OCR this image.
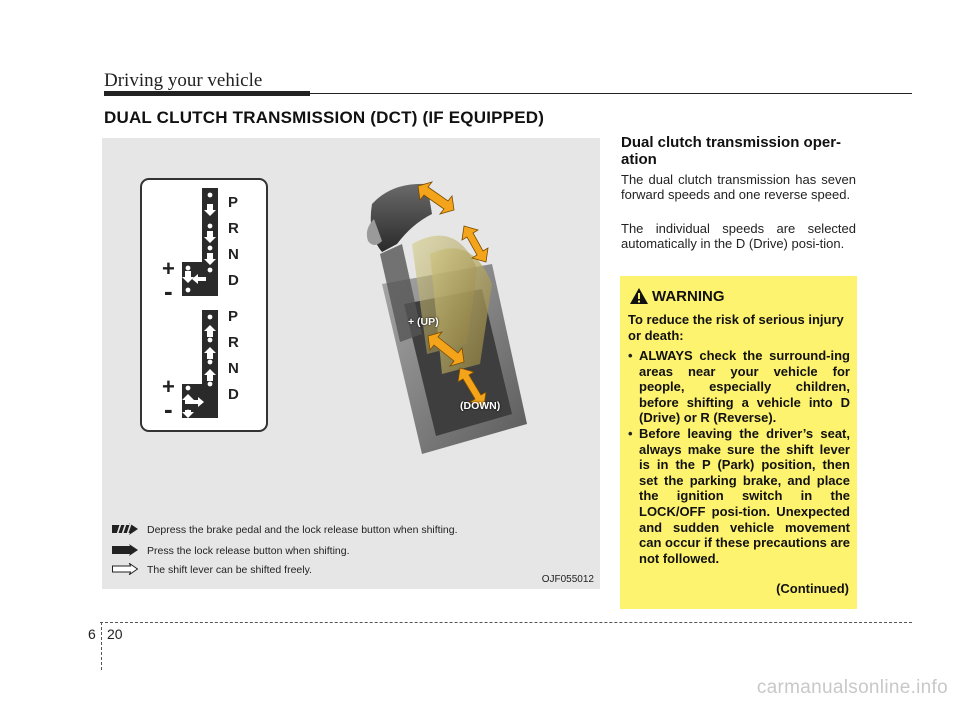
Driving your vehicle
DUAL CLUTCH TRANSMISSION (DCT) (IF EQUIPPED)
P
R
N
D
P
R
N
D
+
-
+
-
+ (UP)
(DOWN)
Depress the brake pedal and the lock release button when shifting.
Press the lock release button when shifting.
The shift lever can be shifted freely.
OJF055012
Dual clutch transmission oper-ation
The dual clutch transmission has seven forward speeds and one reverse speed.
The individual speeds are selected automatically in the D (Drive) posi-tion.
WARNING
To reduce the risk of serious injury or death:
• ALWAYS check the surround-ing areas near your vehicle for people, especially children, before shifting a vehicle into D (Drive) or R (Reverse).
• Before leaving the driver’s seat, always make sure the shift lever is in the P (Park) position, then set the parking brake, and place the ignition switch in the LOCK/OFF posi-tion. Unexpected and sudden vehicle movement can occur if these precautions are not followed.
(Continued)
6 20
carmanualsonline.info
